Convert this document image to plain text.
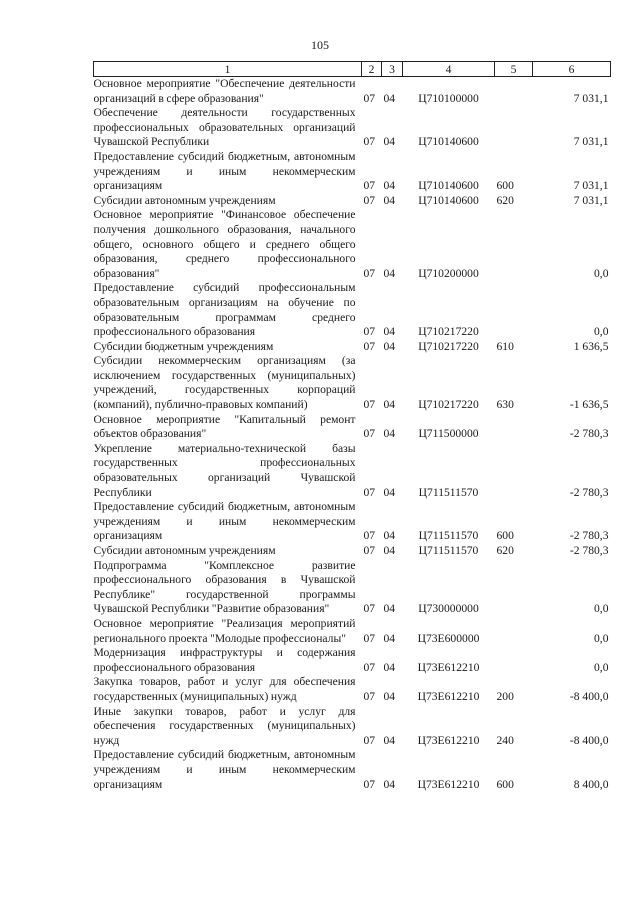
105
1	2	3	4	5	6
Основное мероприятие "Обеспечение деятельности организаций в сфере образования"	07	04	Ц710100000		7 031,1
Обеспечение деятельности государственных профессиональных образовательных организаций Чувашской Республики	07	04	Ц710140600		7 031,1
Предоставление субсидий бюджетным, автономным учреждениям и иным некоммерческим организациям	07	04	Ц710140600	600	7 031,1
Субсидии автономным учреждениям	07	04	Ц710140600	620	7 031,1
Основное мероприятие "Финансовое обеспечение получения дошкольного образования, начального общего, основного общего и среднего общего образования, среднего профессионального образования"	07	04	Ц710200000		0,0
Предоставление субсидий профессиональным образовательным организациям на обучение по образовательным программам среднего профессионального образования	07	04	Ц710217220		0,0
Субсидии бюджетным учреждениям	07	04	Ц710217220	610	1 636,5
Субсидии некоммерческим организациям (за исключением государственных (муниципальных) учреждений, государственных корпораций (компаний), публично-правовых компаний)	07	04	Ц710217220	630	-1 636,5
Основное мероприятие "Капитальный ремонт объектов образования"	07	04	Ц711500000		-2 780,3
Укрепление материально-технической базы государственных профессиональных образовательных организаций Чувашской Республики	07	04	Ц711511570		-2 780,3
Предоставление субсидий бюджетным, автономным учреждениям и иным некоммерческим организациям	07	04	Ц711511570	600	-2 780,3
Субсидии автономным учреждениям	07	04	Ц711511570	620	-2 780,3
Подпрограмма "Комплексное развитие профессионального образования в Чувашской Республике" государственной программы Чувашской Республики "Развитие образования"	07	04	Ц730000000		0,0
Основное мероприятие "Реализация мероприятий регионального проекта "Молодые профессионалы"	07	04	Ц73Е600000		0,0
Модернизация инфраструктуры и содержания профессионального образования	07	04	Ц73Е612210		0,0
Закупка товаров, работ и услуг для обеспечения государственных (муниципальных) нужд	07	04	Ц73Е612210	200	-8 400,0
Иные закупки товаров, работ и услуг для обеспечения государственных (муниципальных) нужд	07	04	Ц73Е612210	240	-8 400,0
Предоставление субсидий бюджетным, автономным учреждениям и иным некоммерческим организациям	07	04	Ц73Е612210	600	8 400,0
